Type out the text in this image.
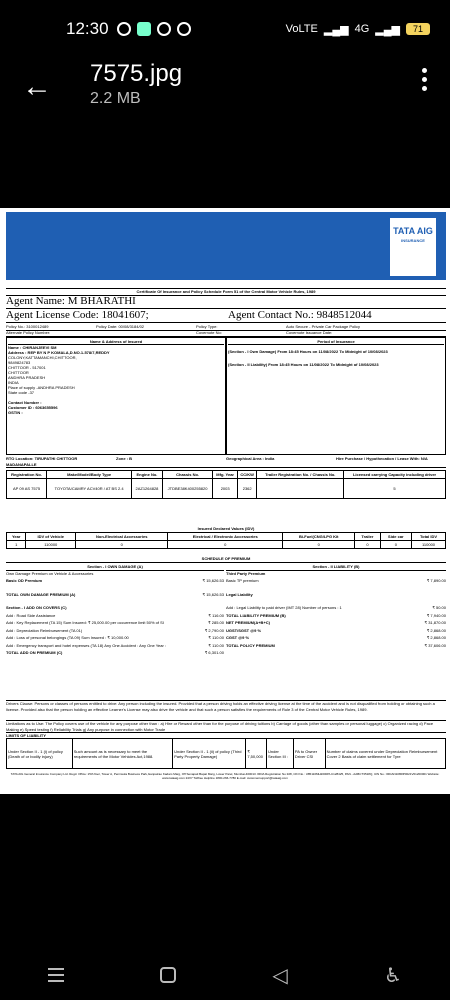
12:30	VoLTE ▂▄▆ 4G ▂▄▆	71
← 7575.jpg
2.2 MB
TATA AIG
INSURANCE
WITH YOU ALWAYS
Certificate Of Insurance and Policy Schedule Form 51 of the Central Motor Vehicle Rules, 1989
Agent Name: M BHARATHI
Agent License Code: 18041607;	Agent Contact No.: 9848512044
Policy No.: 3100012489	Policy Date: 00/08/3184/02	Policy Type:	Auto Secure - Private Car Package Policy
Alternate Policy Number:	Covernote No:	Covernote Issuance Date:
Name & Address of Insured
Name : CHIRANJEEVI SM
Address : REP BY N P KOMALA,D.NO.1-578/7,REDDY
COLONY,KATTAMANCHI,CHITTOOR,
9849824783
CHITTOOR - 517001
CHITTOOR
ANDHRA PRADESH
INDIA
Place of supply -ANDHRA PRADESH
State code -37

Contact Number :
Customer ID : 6063655596
GSTIN :
Period of Insurance
(Section - I Own Damage) From 18:45 Hours on 11/08/2022 To Midnight of 10/08/2023
(Section - II Liability) From 18:45 Hours on 11/08/2022 To Midnight of 10/08/2023
RTO Location: TIRUPATHI CHITTOOR MADANAPALLE
Zone : B	Geographical Area : India	Hire Purchase / Hypothecation / Lease With: N/A
Registration No.	Make/Model/Body Type	Engine No.	Chassis No.	Mfg. Year	CC/KW	Trailer Registration No. / Chassis No.	Licensed carrying Capacity including driver
AP 09 AS 7575	TOYOTA/CAMRY ACV40R / AT BS 2.4	2AZ1264828	JTDBE38K400255820	2003	2362		5
Insured Declared Values (IDV)
Year	IDV of Vehicle	Non-Electrical Accessories	Electrical / Electronic Accessories	Bi-Fuel(CNG/LPG Kit	Trailer	Side car	Total IDV
1	110000	0	0	0	0	0	110000
SCHEDULE OF PREMIUM
Section - I OWN DAMAGE (A)
Own Damage Premium on Vehicle & Accessories
Basic OD Premium	₹ 15,626.53
TOTAL OWN DAMAGE PREMIUM (A)	₹ 15,626.53
Section - I ADD ON COVERS (C)
Add : Road Side Assistance	₹ 116.00
Add : Key Replacement (TA 15) Sum Insured: ₹ 25,000.00 per occurrence limit 50% of SI	₹ 285.00
Add : Depreciation Reimbursement (TA 01)	₹ 2,790.00
Add : Loss of personal belongings (TA 09) Sum Insured : ₹ 10,000.00	₹ 110.00
Add : Emergency transport and hotel expenses (TA 18) Any One Accident : Any One Year :	₹ 110.00
TOTAL ADD ON PREMIUM (C)	₹ 6,301.00
Section - II LIABILITY (B)
Third Party Premium
Basic TP premium	₹ 7,890.00
Legal Liability
Add : Legal Liability to paid driver (IMT 28) Number of persons : 1	₹ 50.00
TOTAL LIABILITY PREMIUM (B)	₹ 7,940.00
NET PREMIUM(A+B+C)	₹ 31,870.00
UGST/SGST @9 %	₹ 2,868.00
CGST @9 %	₹ 2,868.00
TOTAL POLICY PREMIUM	₹ 37,606.00
Drivers Clause: Persons or classes of persons entitled to drive: Any person including the insured. Provided that a person driving holds an effective driving license at the time of the accident and is not disqualified from holding or obtaining such a license. Provided also that the person holding an effective Learner's License may also drive the vehicle and that such a person satisfies the requirements of Rule 3 of the Central Motor Vehicle Rules, 1989.
Limitations as to Use: The Policy covers use of the vehicle for any purpose other than : a) Hire or Reward other than for the purpose of driving tuitions b) Carriage of goods (other than samples or personal luggage) c) Organized racing d) Pace Making e) Speed testing f) Reliability Trials g) Any purpose in connection with Motor Trade
LIMITS OF LIABILITY
Under Section II - 1 (i) of policy (Death of or bodily injury)	Such amount as is necessary to meet the requirements of the Motor Vehicles Act,1988.	Under Section II - 1 (ii) of policy (Third Party Property Damage)	₹ 7,50,000	Under Section III :	PA to Owner Driver CSI	Number of claims covered under Depreciation Reimbursement Cover 2 Basis of claim settlement for Tyre
TATA AIG General Insurance Company Ltd. Regd. Office: 15th floor, Tower A, Peninsula Business Park,Ganpatrao Kadam Marg, Off Senapati Bapat Marg, Lower Parel, Mumbai-400013. IRDA Registration No:108, CIN No.: U85110MH2000PLC128425, PAN - AABCT3518Q, UIN No.: IRDAN108RP0021V01200001 Website: www.tataaig.com 24X7 Tollfree Helpline 1800-266-7780 E-mail: customersupport@tataaig.com
◁	♿︎
